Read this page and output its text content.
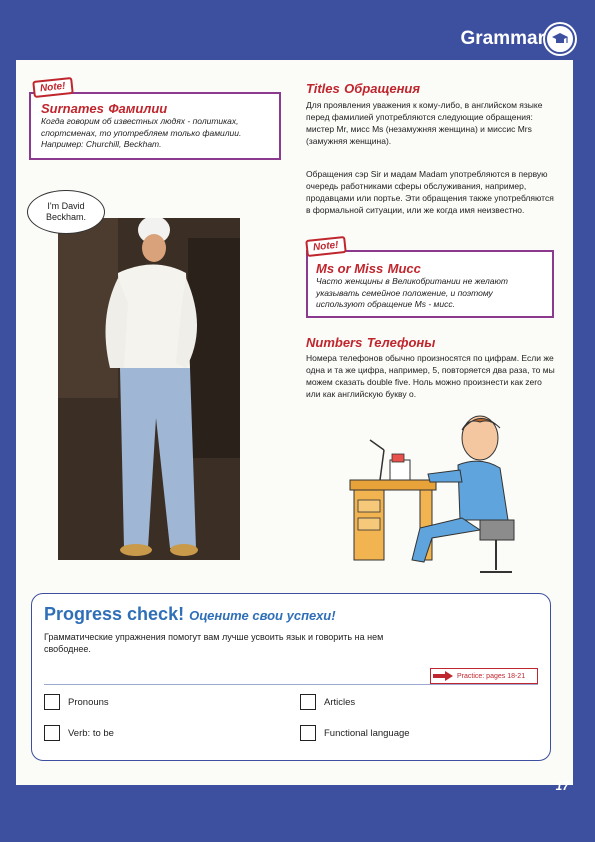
Grammar
Surnames Фамилии
Когда говорим об известных людях - политиках, спортсменах, то употребляем только фамилии. Например: Churchill, Beckham.
Note!
I'm David Beckham.
Titles Обращения
Для проявления уважения к кому-либо, в английском языке перед фамилией употребляются следующие обращения: мистер Mr, мисс Ms (незамужняя женщина) и миссис Mrs (замужняя женщина).
Обращения сэр Sir и мадам Madam употребляются в первую очередь работниками сферы обслуживания, например, продавцами или портье. Эти обращения также употребляются в формальной ситуации, или же когда имя неизвестно.
Ms or Miss Мисс
Часто женщины в Великобритании не желают указывать семейное положение, и поэтому используют обращение Ms - мисс.
Note!
Numbers Телефоны
Номера телефонов обычно произносятся по цифрам. Если же одна и та же цифра, например, 5, повторяется два раза, то мы можем сказать double five. Ноль можно произнести как zero или как английскую букву o.
Progress check! Оцените свои успехи!
Грамматические упражнения помогут вам лучше усвоить язык и говорить на нем свободнее.
Practice: pages 18-21
Pronouns	Articles
Verb: to be	Functional language
17
